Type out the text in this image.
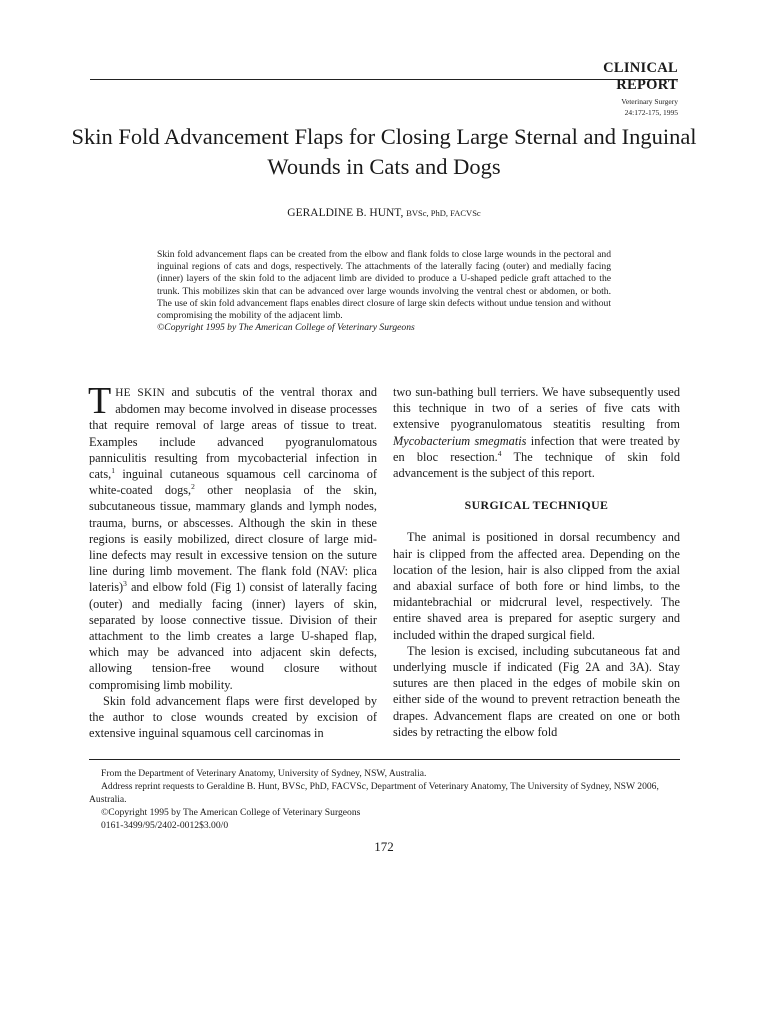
CLINICAL REPORT
Veterinary Surgery
24:172-175, 1995
Skin Fold Advancement Flaps for Closing Large Sternal and Inguinal Wounds in Cats and Dogs
GERALDINE B. HUNT, BVSc, PhD, FACVSc
Skin fold advancement flaps can be created from the elbow and flank folds to close large wounds in the pectoral and inguinal regions of cats and dogs, respectively. The attachments of the laterally facing (outer) and medially facing (inner) layers of the skin fold to the adjacent limb are divided to produce a U-shaped pedicle graft attached to the trunk. This mobilizes skin that can be advanced over large wounds involving the ventral chest or abdomen, or both. The use of skin fold advancement flaps enables direct closure of large skin defects without undue tension and without compromising the mobility of the adjacent limb.
©Copyright 1995 by The American College of Veterinary Surgeons

THE SKIN and subcutis of the ventral thorax and abdomen may become involved in disease processes that require removal of large areas of tissue to treat. Examples include advanced pyogranulomatous panniculitis resulting from mycobacterial infection in cats,$^1$ inguinal cutaneous squamous cell carcinoma of white-coated dogs,$^2$ other neoplasia of the skin, subcutaneous tissue, mammary glands and lymph nodes, trauma, burns, or abscesses. Although the skin in these regions is easily mobilized, direct closure of large mid-line defects may result in excessive tension on the suture line during limb movement. The flank fold (NAV: plica lateris)$^3$ and elbow fold (Fig 1) consist of laterally facing (outer) and medially facing (inner) layers of skin, separated by loose connective tissue. Division of their attachment to the limb creates a large U-shaped flap, which may be advanced into adjacent skin defects, allowing tension-free wound closure without compromising limb mobility.

Skin fold advancement flaps were first developed by the author to close wounds created by excision of extensive inguinal squamous cell carcinomas in

two sun-bathing bull terriers. We have subsequently used this technique in two of a series of five cats with extensive pyogranulomatous steatitis resulting from Mycobacterium smegmatis infection that were treated by en bloc resection.$^4$ The technique of skin fold advancement is the subject of this report.

SURGICAL TECHNIQUE

The animal is positioned in dorsal recumbency and hair is clipped from the affected area. Depending on the location of the lesion, hair is also clipped from the axial and abaxial surface of both fore or hind limbs, to the midantebrachial or midcrural level, respectively. The entire shaved area is prepared for aseptic surgery and included within the draped surgical field.

The lesion is excised, including subcutaneous fat and underlying muscle if indicated (Fig 2A and 3A). Stay sutures are then placed in the edges of mobile skin on either side of the wound to prevent retraction beneath the drapes. Advancement flaps are created on one or both sides by retracting the elbow fold

From the Department of Veterinary Anatomy, University of Sydney, NSW, Australia.

Address reprint requests to Geraldine B. Hunt, BVSc, PhD, FACVSc, Department of Veterinary Anatomy, The University of Sydney, NSW 2006, Australia.

©Copyright 1995 by The American College of Veterinary Surgeons

0161-3499/95/2402-0012$3.00/0

172
